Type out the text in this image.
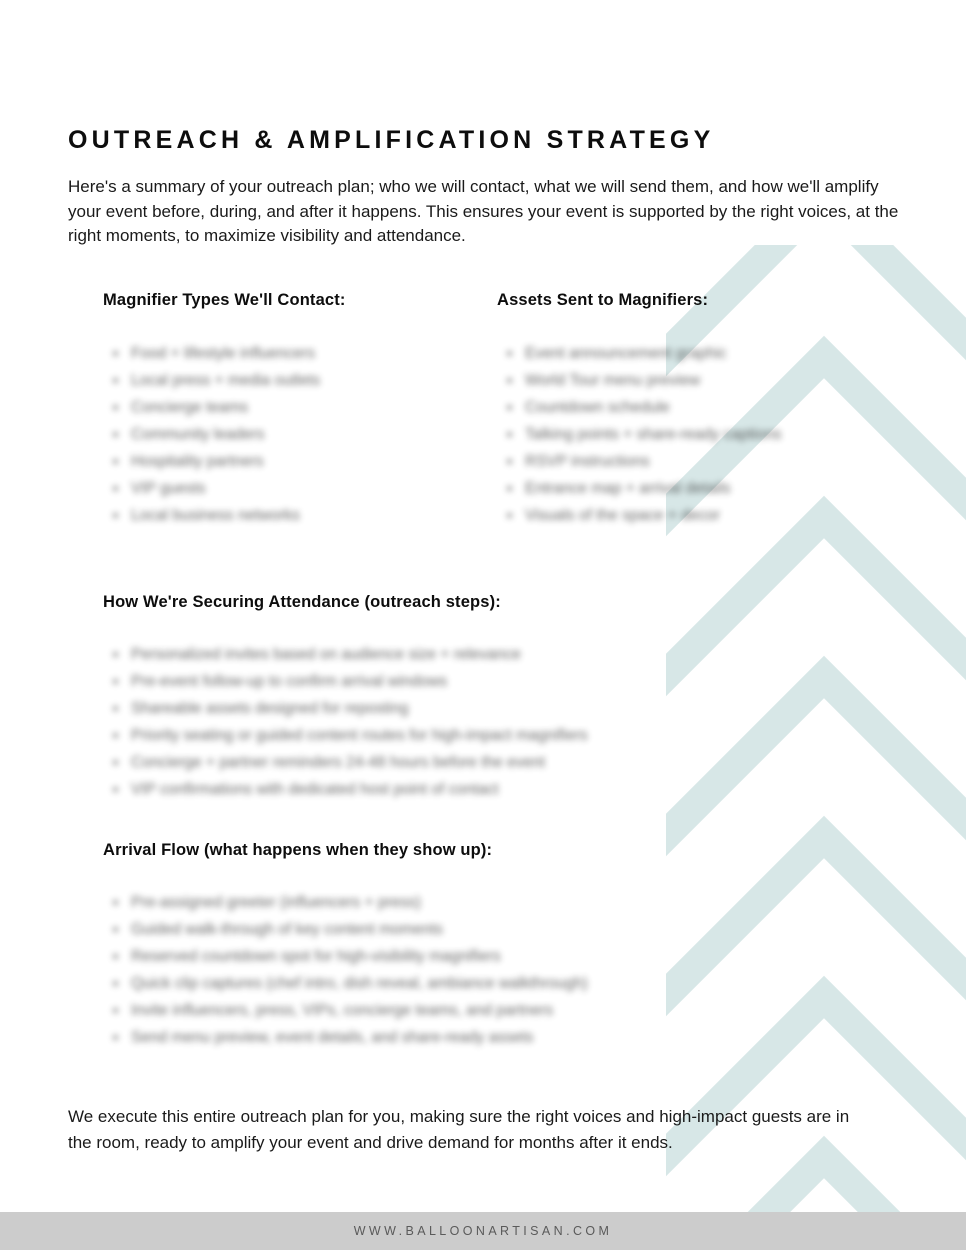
OUTREACH & AMPLIFICATION STRATEGY

Here's a summary of your outreach plan; who we will contact, what we will send them, and how we'll amplify your event before, during, and after it happens. This ensures your event is supported by the right voices, at the right moments, to maximize visibility and attendance.

Magnifier Types We'll Contact:
Food + lifestyle influencers
Local press + media outlets
Concierge teams
Community leaders
Hospitality partners
VIP guests
Local business networks
Assets Sent to Magnifiers:
Event announcement graphic
World Tour menu preview
Countdown schedule
Talking points + share-ready captions
RSVP instructions
Entrance map + arrival details
Visuals of the space + decor
How We're Securing Attendance (outreach steps):
Personalized invites based on audience size + relevance
Pre-event follow-up to confirm arrival windows
Shareable assets designed for reposting
Priority seating or guided content routes for high-impact magnifiers
Concierge + partner reminders 24-48 hours before the event
VIP confirmations with dedicated host point of contact
Arrival Flow (what happens when they show up):
Pre-assigned greeter (influencers + press)
Guided walk-through of key content moments
Reserved countdown spot for high-visibility magnifiers
Quick clip captures (chef intro, dish reveal, ambiance walkthrough)
Invite influencers, press, VIPs, concierge teams, and partners
Send menu preview, event details, and share-ready assets

We execute this entire outreach plan for you, making sure the right voices and high-impact guests are in the room, ready to amplify your event and drive demand for months after it ends.

WWW.BALLOONARTISAN.COM
